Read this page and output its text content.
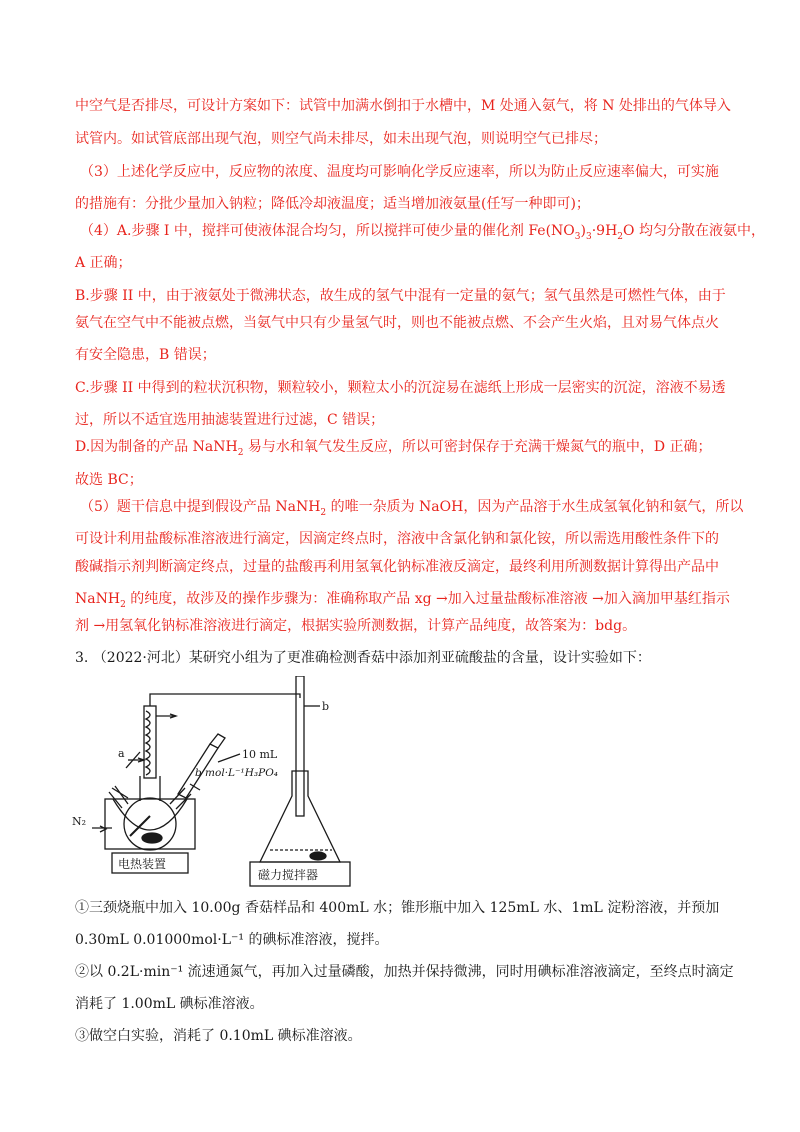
中空气是否排尽，可设计方案如下：试管中加满水倒扣于水槽中，M 处通入氨气，将 N 处排出的气体导入
试管内。如试管底部出现气泡，则空气尚未排尽，如未出现气泡，则说明空气已排尽；
（3）上述化学反应中，反应物的浓度、温度均可影响化学反应速率，所以为防止反应速率偏大，可实施
的措施有：分批少量加入钠粒；降低冷却液温度；适当增加液氨量(任写一种即可)；
（4）A.步骤 I 中，搅拌可使液体混合均匀，所以搅拌可使少量的催化剂 $Fe(NO_3)_3\cdot 9H_2O$ 均匀分散在液氨中，
A 正确；
B.步骤 II 中，由于液氨处于微沸状态，故生成的氢气中混有一定量的氨气；氢气虽然是可燃性气体，由于
氨气在空气中不能被点燃，当氨气中只有少量氢气时，则也不能被点燃、不会产生火焰，且对易气体点火
有安全隐患，B 错误；
C.步骤 II 中得到的粒状沉积物，颗粒较小，颗粒太小的沉淀易在滤纸上形成一层密实的沉淀，溶液不易透
过，所以不适宜选用抽滤装置进行过滤，C 错误；
D.因为制备的产品 NaNH$_2$ 易与水和氧气发生反应，所以可密封保存于充满干燥氮气的瓶中，D 正确；
故选 BC；
（5）题干信息中提到假设产品 NaNH$_2$ 的唯一杂质为 NaOH，因为产品溶于水生成氢氧化钠和氨气，所以
可设计利用盐酸标准溶液进行滴定，因滴定终点时，溶液中含氯化钠和氯化铵，所以需选用酸性条件下的
酸碱指示剂判断滴定终点，过量的盐酸再利用氢氧化钠标准液反滴定，最终利用所测数据计算得出产品中
NaNH$_2$ 的纯度，故涉及的操作步骤为：准确称取产品 xg →加入过量盐酸标准溶液 →加入滴加甲基红指示
剂 →用氢氧化钠标准溶液进行滴定，根据实验所测数据，计算产品纯度，故答案为：bdg。
3. （2022·河北）某研究小组为了更准确检测香菇中添加剂亚硫酸盐的含量，设计实验如下：
a
b
N₂
10 mL
b mol·L⁻¹H₃PO₄
电热装置
磁力搅拌器
①三颈烧瓶中加入 10.00g 香菇样品和 400mL 水；锥形瓶中加入 125mL 水、1mL 淀粉溶液，并预加
0.30mL 0.01000mol·L⁻¹ 的碘标准溶液，搅拌。
②以 0.2L·min⁻¹ 流速通氮气，再加入过量磷酸，加热并保持微沸，同时用碘标准溶液滴定，至终点时滴定
消耗了 1.00mL 碘标准溶液。
③做空白实验，消耗了 0.10mL 碘标准溶液。
